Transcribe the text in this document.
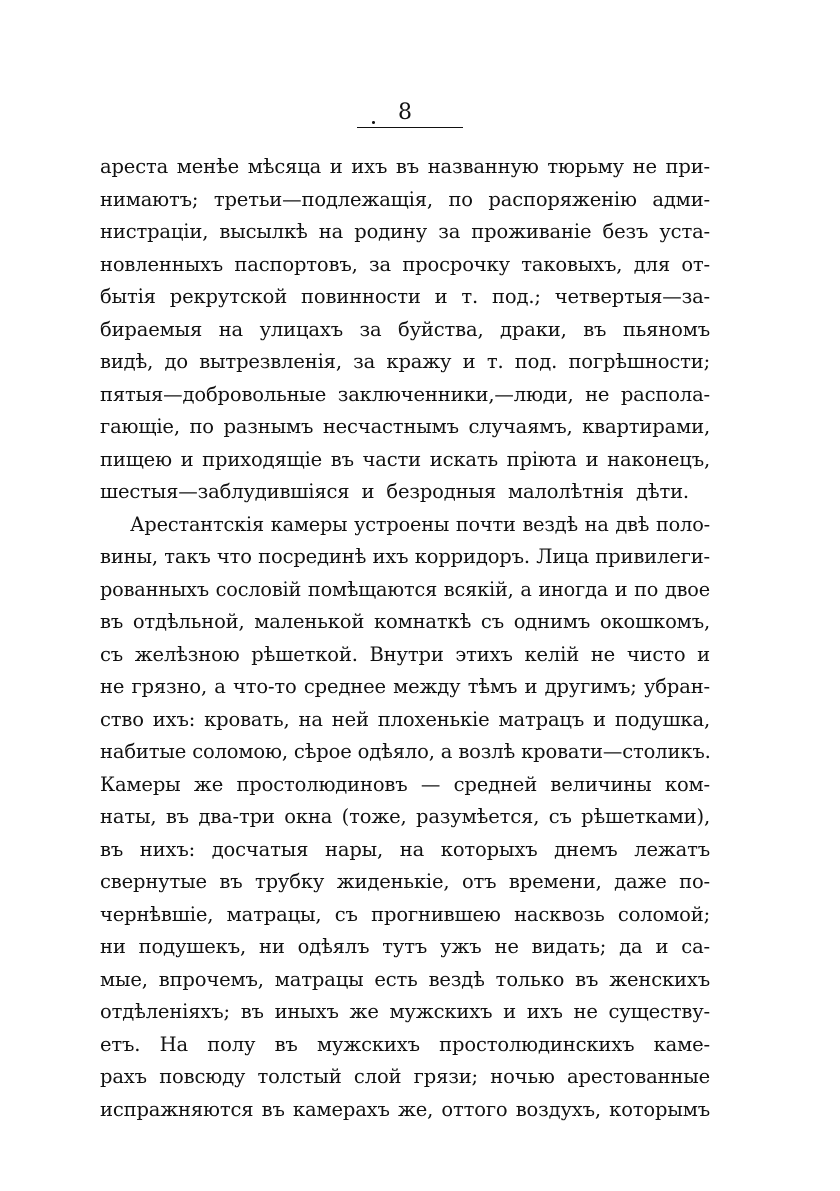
8
ареста менѣе мѣсяца и ихъ въ названную тюрьму не при-
нимаютъ; третьи—подлежащія, по распоряженію адми-
нистраціи, высылкѣ на родину за проживаніе безъ уста-
новленныхъ паспортовъ, за просрочку таковыхъ, для от-
бытія рекрутской повинности и т. под.; четвертыя—за-
бираемыя на улицахъ за буйства, драки, въ пьяномъ
видѣ, до вытрезвленія, за кражу и т. под. погрѣшности;
пятыя—добровольные заключенники,—люди, не распола-
гающіе, по разнымъ несчастнымъ случаямъ, квартирами,
пищею и приходящіе въ части искать пріюта и наконецъ,
шестыя—заблудившіяся и безродныя малолѣтнія дѣти.
Арестантскія камеры устроены почти вездѣ на двѣ поло-
вины, такъ что посрединѣ ихъ корридоръ. Лица привилеги-
рованныхъ сословій помѣщаются всякій, а иногда и по двое
въ отдѣльной, маленькой комнаткѣ съ однимъ окошкомъ,
съ желѣзною рѣшеткой. Внутри этихъ келій не чисто и
не грязно, а что-то среднее между тѣмъ и другимъ; убран-
ство ихъ: кровать, на ней плохенькіе матрацъ и подушка,
набитые соломою, сѣрое одѣяло, а возлѣ кровати—столикъ.
Камеры же простолюдиновъ — средней величины ком-
наты, въ два-три окна (тоже, разумѣется, съ рѣшетками),
въ нихъ: досчатыя нары, на которыхъ днемъ лежатъ
свернутые въ трубку жиденькіе, отъ времени, даже по-
чернѣвшіе, матрацы, съ прогнившею насквозь соломой;
ни подушекъ, ни одѣялъ тутъ ужъ не видать; да и са-
мые, впрочемъ, матрацы есть вездѣ только въ женскихъ
отдѣленіяхъ; въ иныхъ же мужскихъ и ихъ не существу-
етъ. На полу въ мужскихъ простолюдинскихъ каме-
рахъ повсюду толстый слой грязи; ночью арестованные
испражняются въ камерахъ же, оттого воздухъ, которымъ
